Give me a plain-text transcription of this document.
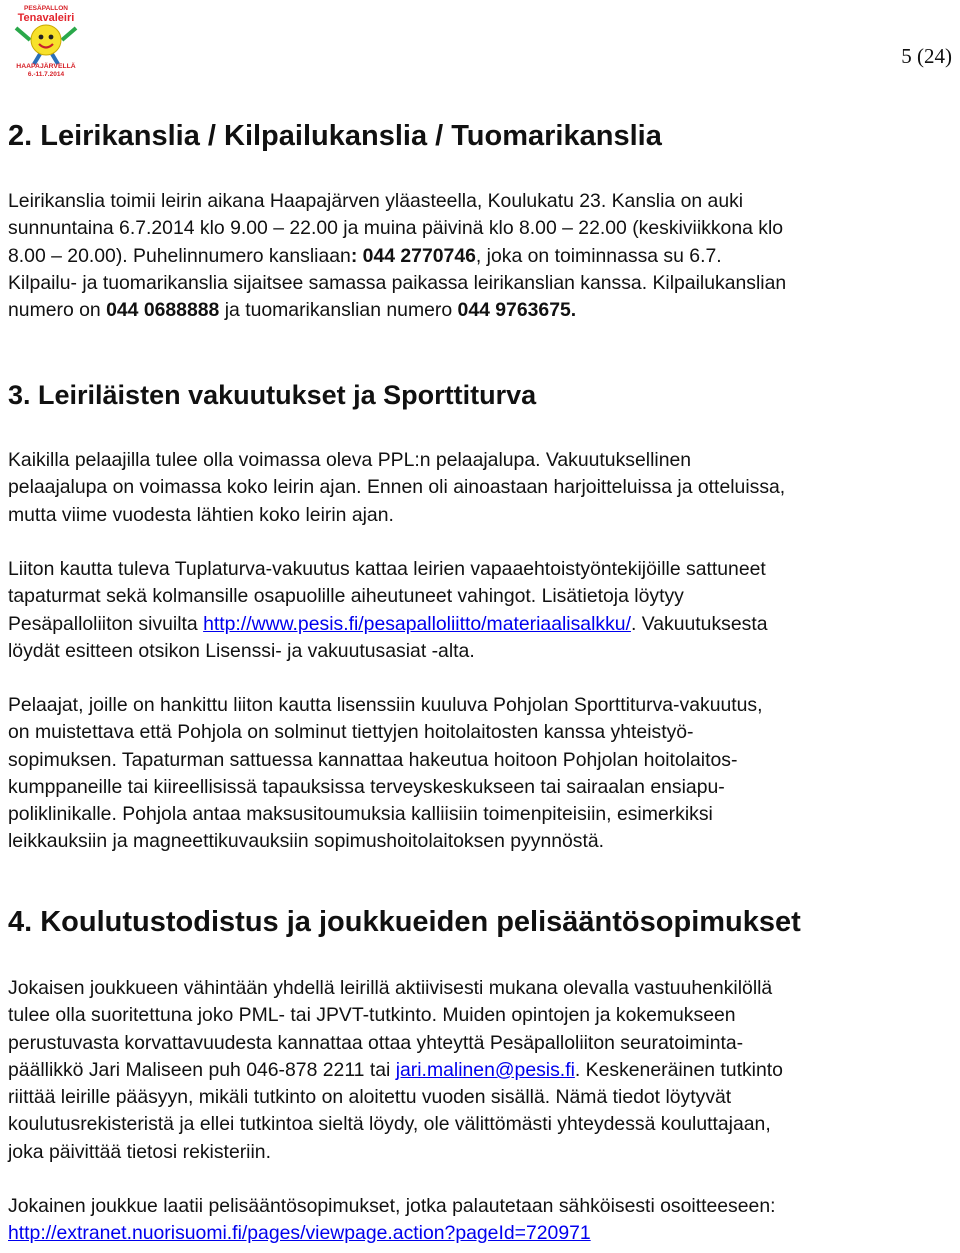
PESÄPALLON
Tenavaleiri
HAAPAJÄRVELLÄ
6.-11.7.2014
5 (24)
2. Leirikanslia / Kilpailukanslia / Tuomarikanslia
Leirikanslia toimii leirin aikana Haapajärven yläasteella, Koulukatu 23. Kanslia on auki
sunnuntaina 6.7.2014 klo 9.00 – 22.00 ja muina päivinä klo 8.00 – 22.00 (keskiviikkona klo
8.00 – 20.00). Puhelinnumero kansliaan: 044 2770746, joka on toiminnassa su 6.7.
Kilpailu- ja tuomarikanslia sijaitsee samassa paikassa leirikanslian kanssa. Kilpailukanslian
numero on 044 0688888 ja tuomarikanslian numero 044 9763675.
3. Leiriläisten vakuutukset ja Sporttiturva
Kaikilla pelaajilla tulee olla voimassa oleva PPL:n pelaajalupa. Vakuutuksellinen
pelaajalupa on voimassa koko leirin ajan. Ennen oli ainoastaan harjoitteluissa ja otteluissa,
mutta viime vuodesta lähtien koko leirin ajan.
Liiton kautta tuleva Tuplaturva-vakuutus kattaa leirien vapaaehtoistyöntekijöille sattuneet
tapaturmat sekä kolmansille osapuolille aiheutuneet vahingot. Lisätietoja löytyy
Pesäpalloliiton sivuilta http://www.pesis.fi/pesapalloliitto/materiaalisalkku/. Vakuutuksesta
löydät esitteen otsikon Lisenssi- ja vakuutusasiat -alta.
Pelaajat, joille on hankittu liiton kautta lisenssiin kuuluva Pohjolan Sporttiturva-vakuutus,
on muistettava että Pohjola on solminut tiettyjen hoitolaitosten kanssa yhteistyö-
sopimuksen. Tapaturman sattuessa kannattaa hakeutua hoitoon Pohjolan hoitolaitos-
kumppaneille tai kiireellisissä tapauksissa terveyskeskukseen tai sairaalan ensiapu-
poliklinikalle. Pohjola antaa maksusitoumuksia kalliisiin toimenpiteisiin, esimerkiksi
leikkauksiin ja magneettikuvauksiin sopimushoitolaitoksen pyynnöstä.
4. Koulutustodistus ja joukkueiden pelisääntösopimukset
Jokaisen joukkueen vähintään yhdellä leirillä aktiivisesti mukana olevalla vastuuhenkilöllä
tulee olla suoritettuna joko PML- tai JPVT-tutkinto. Muiden opintojen ja kokemukseen
perustuvasta korvattavuudesta kannattaa ottaa yhteyttä Pesäpalloliiton seuratoiminta-
päällikkö Jari Maliseen puh 046-878 2211 tai jari.malinen@pesis.fi. Keskeneräinen tutkinto
riittää leirille pääsyyn, mikäli tutkinto on aloitettu vuoden sisällä. Nämä tiedot löytyvät
koulutusrekisteristä ja ellei tutkintoa sieltä löydy, ole välittömästi yhteydessä kouluttajaan,
joka päivittää tietosi rekisteriin.
Jokainen joukkue laatii pelisääntösopimukset, jotka palautetaan sähköisesti osoitteeseen:
http://extranet.nuorisuomi.fi/pages/viewpage.action?pageId=720971
